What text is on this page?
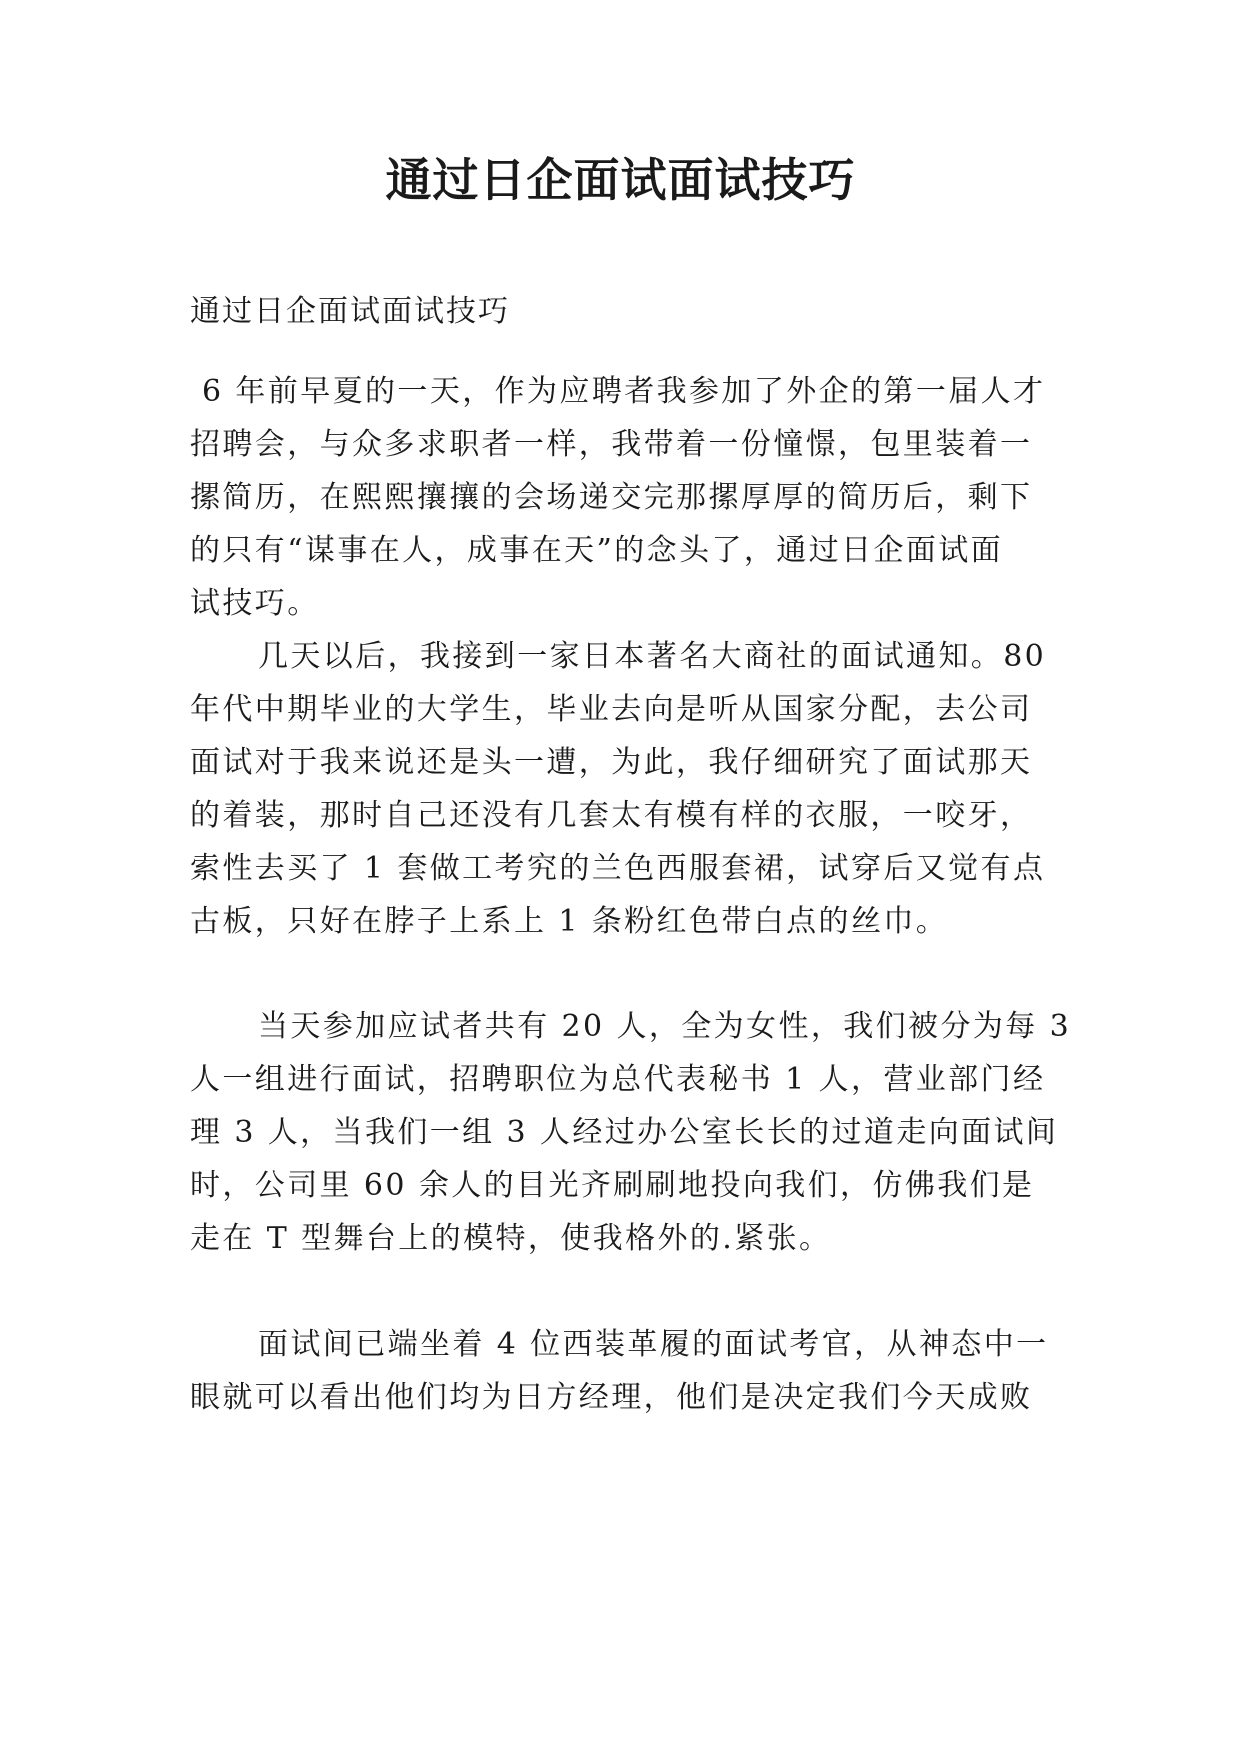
通过日企面试面试技巧
通过日企面试面试技巧
6 年前早夏的一天，作为应聘者我参加了外企的第一届人才
招聘会，与众多求职者一样，我带着一份憧憬，包里装着一
摞简历，在熙熙攘攘的会场递交完那摞厚厚的简历后，剩下
的只有“谋事在人，成事在天”的念头了，通过日企面试面
试技巧。
几天以后，我接到一家日本著名大商社的面试通知。80
年代中期毕业的大学生，毕业去向是听从国家分配，去公司
面试对于我来说还是头一遭，为此，我仔细研究了面试那天
的着装，那时自己还没有几套太有模有样的衣服，一咬牙，
索性去买了 1 套做工考究的兰色西服套裙，试穿后又觉有点
古板，只好在脖子上系上 1 条粉红色带白点的丝巾。
当天参加应试者共有 20 人，全为女性，我们被分为每 3
人一组进行面试，招聘职位为总代表秘书 1 人，营业部门经
理 3 人，当我们一组 3 人经过办公室长长的过道走向面试间
时，公司里 60 余人的目光齐刷刷地投向我们，仿佛我们是
走在 T 型舞台上的模特，使我格外的.紧张。
面试间已端坐着 4 位西装革履的面试考官，从神态中一
眼就可以看出他们均为日方经理，他们是决定我们今天成败
